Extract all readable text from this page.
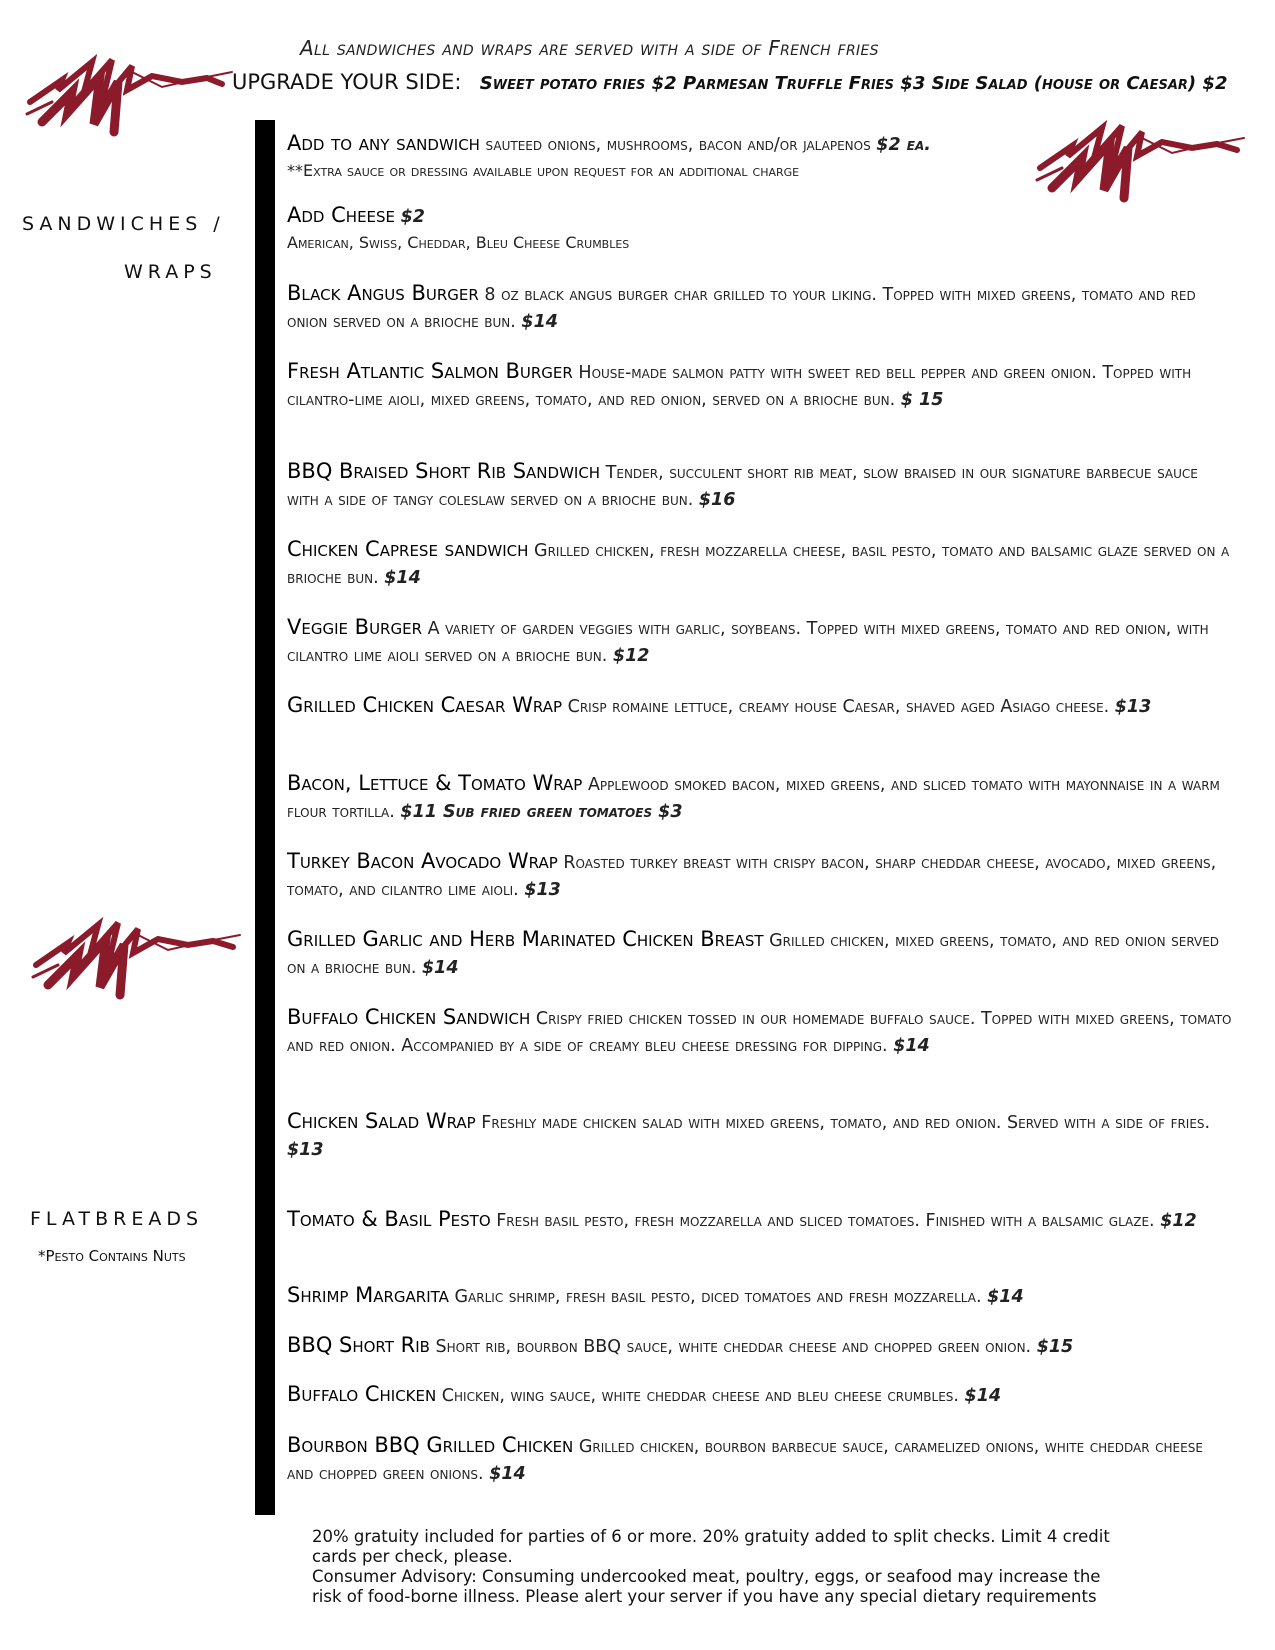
All sandwiches and wraps are served with a side of French fries
UPGRADE YOUR SIDE: Sweet potato fries $2 Parmesan Truffle Fries $3 Side Salad (house or Caesar) $2
SANDWICHES /
WRAPS
FLATBREADS
*Pesto Contains Nuts
Add to any sandwich sauteed onions, mushrooms, bacon and/or jalapenos $2 ea.
**Extra sauce or dressing available upon request for an additional charge
Add Cheese $2
American, Swiss, Cheddar, Bleu Cheese Crumbles
Black Angus Burger 8 oz black angus burger char grilled to your liking. Topped with mixed greens, tomato and red onion served on a brioche bun. $14
Fresh Atlantic Salmon Burger House-made salmon patty with sweet red bell pepper and green onion. Topped with cilantro-lime aioli, mixed greens, tomato, and red onion, served on a brioche bun. $ 15
BBQ Braised Short Rib Sandwich Tender, succulent short rib meat, slow braised in our signature barbecue sauce with a side of tangy coleslaw served on a brioche bun. $16
Chicken Caprese sandwich Grilled chicken, fresh mozzarella cheese, basil pesto, tomato and balsamic glaze served on a brioche bun. $14
Veggie Burger A variety of garden veggies with garlic, soybeans. Topped with mixed greens, tomato and red onion, with cilantro lime aioli served on a brioche bun. $12
Grilled Chicken Caesar Wrap Crisp romaine lettuce, creamy house Caesar, shaved aged Asiago cheese. $13
Bacon, Lettuce & Tomato Wrap Applewood smoked bacon, mixed greens, and sliced tomato with mayonnaise in a warm flour tortilla. $11 Sub fried green tomatoes $3
Turkey Bacon Avocado Wrap Roasted turkey breast with crispy bacon, sharp cheddar cheese, avocado, mixed greens, tomato, and cilantro lime aioli. $13
Grilled Garlic and Herb Marinated Chicken Breast Grilled chicken, mixed greens, tomato, and red onion served on a brioche bun. $14
Buffalo Chicken Sandwich Crispy fried chicken tossed in our homemade buffalo sauce. Topped with mixed greens, tomato and red onion. Accompanied by a side of creamy bleu cheese dressing for dipping. $14
Chicken Salad Wrap Freshly made chicken salad with mixed greens, tomato, and red onion. Served with a side of fries. $13
Tomato & Basil Pesto Fresh basil pesto, fresh mozzarella and sliced tomatoes. Finished with a balsamic glaze. $12
Shrimp Margarita Garlic shrimp, fresh basil pesto, diced tomatoes and fresh mozzarella. $14
BBQ Short Rib Short rib, bourbon BBQ sauce, white cheddar cheese and chopped green onion. $15
Buffalo Chicken Chicken, wing sauce, white cheddar cheese and bleu cheese crumbles. $14
Bourbon BBQ Grilled Chicken Grilled chicken, bourbon barbecue sauce, caramelized onions, white cheddar cheese and chopped green onions. $14
20% gratuity included for parties of 6 or more. 20% gratuity added to split checks. Limit 4 credit cards per check, please.
Consumer Advisory: Consuming undercooked meat, poultry, eggs, or seafood may increase the risk of food-borne illness. Please alert your server if you have any special dietary requirements
